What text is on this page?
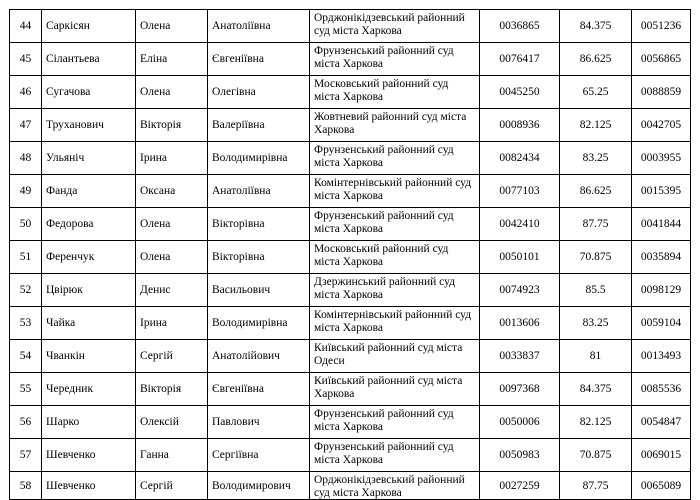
44	Саркісян	Олена	Анатоліївна	Орджонікідзевський районний суд міста Харкова	0036865	84.375	0051236
45	Сілантьева	Еліна	Євгеніївна	Фрунзенський районний суд міста Харкова	0076417	86.625	0056865
46	Сугачова	Олена	Олегівна	Московський районний суд міста Харкова	0045250	65.25	0088859
47	Труханович	Вікторія	Валеріївна	Жовтневий районний суд міста Харкова	0008936	82.125	0042705
48	Ульяніч	Ірина	Володимирівна	Фрунзенський районний суд міста Харкова	0082434	83.25	0003955
49	Фанда	Оксана	Анатоліївна	Комінтернівський районний суд міста Харкова	0077103	86.625	0015395
50	Федорова	Олена	Вікторівна	Фрунзенський районний суд міста Харкова	0042410	87.75	0041844
51	Ференчук	Олена	Вікторівна	Московський районний суд міста Харкова	0050101	70.875	0035894
52	Цвірюк	Денис	Васильович	Дзержинський районний суд міста Харкова	0074923	85.5	0098129
53	Чайка	Ірина	Володимирівна	Комінтернівський районний суд міста Харкова	0013606	83.25	0059104
54	Чванкін	Сергій	Анатолійович	Київський районний суд міста Одеси	0033837	81	0013493
55	Чередник	Вікторія	Євгеніївна	Київський районний суд міста Харкова	0097368	84.375	0085536
56	Шарко	Олексій	Павлович	Фрунзенський районний суд міста Харкова	0050006	82.125	0054847
57	Шевченко	Ганна	Сергіївна	Фрунзенський районний суд міста Харкова	0050983	70.875	0069015
58	Шевченко	Сергій	Володимирович	Орджонікідзевський районний суд міста Харкова	0027259	87.75	0065089
